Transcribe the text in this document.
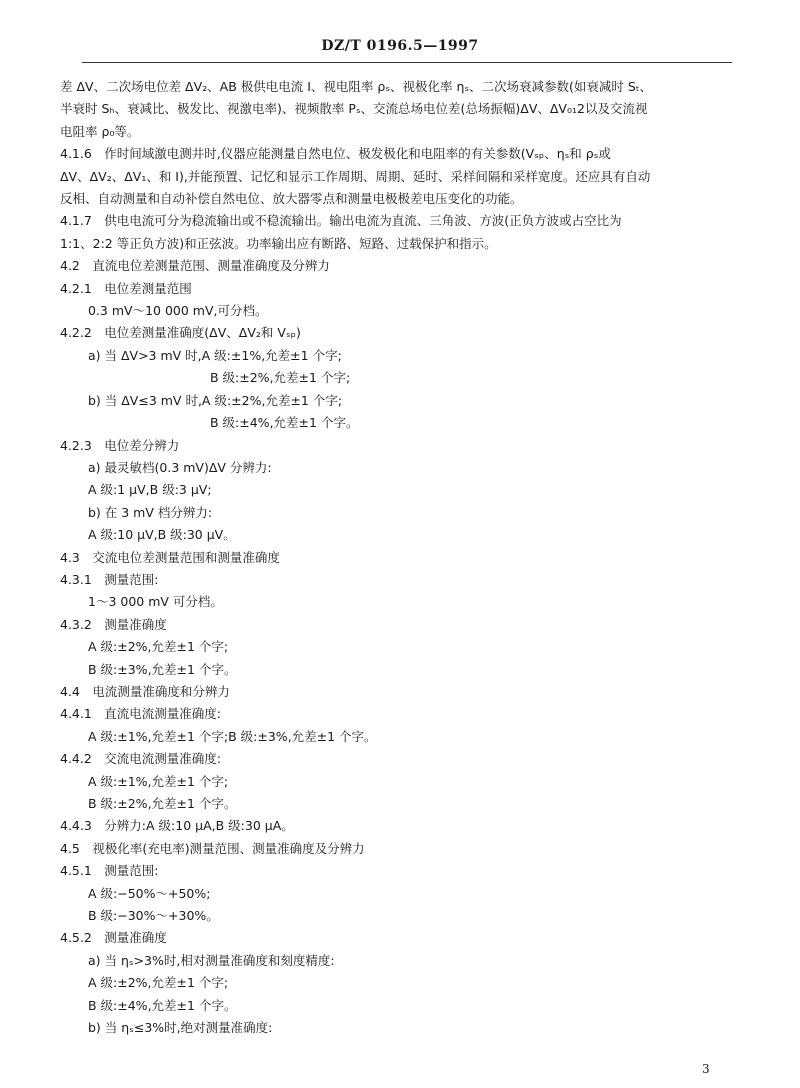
DZ/T 0196.5—1997

差 ΔV、二次场电位差 ΔV₂、AB 极供电电流 I、视电阻率 ρₛ、视极化率 ηₛ、二次场衰减参数(如衰减时 Sₜ、

半衰时 Sₕ、衰减比、极发比、视激电率)、视频散率 Pₛ、交流总场电位差(总场振幅)ΔV、ΔV₀₁2以及交流视

电阻率 ρ₀等。

4.1.6　作时间域激电测井时,仪器应能测量自然电位、极发极化和电阻率的有关参数(Vₛₚ、ηₛ和 ρₛ或

ΔV、ΔV₂、ΔV₁、和 I),并能预置、记忆和显示工作周期、周期、延时、采样间隔和采样宽度。还应具有自动

反相、自动测量和自动补偿自然电位、放大器零点和测量电极极差电压变化的功能。

4.1.7　供电电流可分为稳流输出或不稳流输出。输出电流为直流、三角波、方波(正负方波或占空比为

1:1、2:2 等正负方波)和正弦波。功率输出应有断路、短路、过载保护和指示。

4.2　直流电位差测量范围、测量准确度及分辨力

4.2.1　电位差测量范围

0.3 mV～10 000 mV,可分档。

4.2.2　电位差测量准确度(ΔV、ΔV₂和 Vₛₚ)

a) 当 ΔV>3 mV 时,A 级:±1%,允差±1 个字;

B 级:±2%,允差±1 个字;

b) 当 ΔV≤3 mV 时,A 级:±2%,允差±1 个字;

B 级:±4%,允差±1 个字。

4.2.3　电位差分辨力

a) 最灵敏档(0.3 mV)ΔV 分辨力:

A 级:1 μV,B 级:3 μV;

b) 在 3 mV 档分辨力:

A 级:10 μV,B 级:30 μV。

4.3　交流电位差测量范围和测量准确度

4.3.1　测量范围:

1～3 000 mV 可分档。

4.3.2　测量准确度

A 级:±2%,允差±1 个字;

B 级:±3%,允差±1 个字。

4.4　电流测量准确度和分辨力

4.4.1　直流电流测量准确度:

A 级:±1%,允差±1 个字;B 级:±3%,允差±1 个字。

4.4.2　交流电流测量准确度:

A 级:±1%,允差±1 个字;

B 级:±2%,允差±1 个字。

4.4.3　分辨力:A 级:10 μA,B 级:30 μA。

4.5　视极化率(充电率)测量范围、测量准确度及分辨力

4.5.1　测量范围:

A 级:−50%～+50%;

B 级:−30%～+30%。

4.5.2　测量准确度

a) 当 ηₛ>3%时,相对测量准确度和刻度精度:

A 级:±2%,允差±1 个字;

B 级:±4%,允差±1 个字。

b) 当 ηₛ≤3%时,绝对测量准确度:

3
